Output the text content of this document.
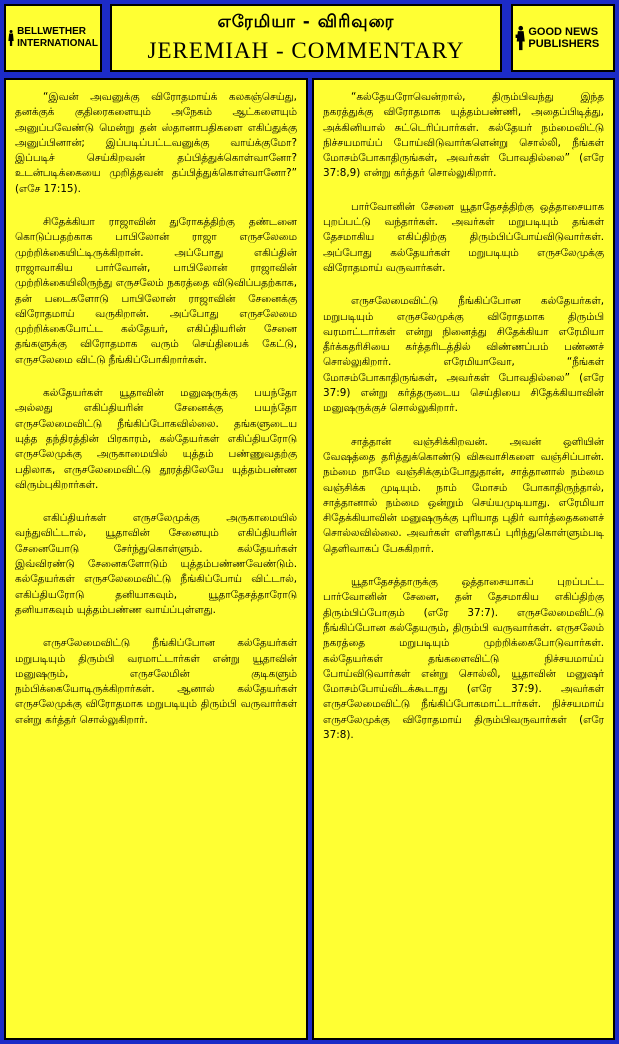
BELLWETHER INTERNATIONAL
எரேமியா - விரிவுரை
JEREMIAH - COMMENTARY
GOOD NEWS PUBLISHERS

“இவன் அவனுக்கு விரோதமாய்க் கலகஞ்செய்து, தனக்குக் குதிரைகளையும் அநேகம் ஆட்களையும் அனுப்பவேண்டு மென்று தன் ஸ்தானாபதிகளை எகிப்துக்கு அனுப்பினான்; இப்படிப்பட்டவனுக்கு வாய்க்குமோ? இப்படிச் செய்கிறவன் தப்பித்துக்கொள்வானோ? உடன்படிக்கையை முறித்தவன் தப்பித்துக்கொள்வானோ?” (எசே 17:15).

சிதேக்கியா ராஜாவின் துரோகத்திற்கு தண்டனை கொடுப்பதற்காக பாபிலோன் ராஜா எருசலேமை முற்றிக்கையிட்டிருக்கிறான். அப்போது எகிப்தின் ராஜாவாகிய பார்வோன், பாபிலோன் ராஜாவின் முற்றிக்கையிலிருந்து எருசலேம் நகரத்தை விடுவிப்பதற்காக, தன் படைகளோடு பாபிலோன் ராஜாவின் சேனைக்கு விரோதமாய் வருகிறான். அப்போது எருசலேமை முற்றிக்கைபோட்ட கல்தேயர், எகிப்தியரின் சேனை தங்களுக்கு விரோதமாக வரும் செய்தியைக் கேட்டு, எருசலேமை விட்டு நீங்கிப்போகிறார்கள்.

கல்தேயர்கள் யூதாவின் மனுஷருக்கு பயந்தோ அல்லது எகிப்தியரின் சேனைக்கு பயந்தோ எருசலேமைவிட்டு நீங்கிப்போகவில்லை. தங்களுடைய யுத்த தந்திரத்தின் பிரகாரம், கல்தேயர்கள் எகிப்தியரோடு எருசலேமுக்கு அருகாமையில் யுத்தம் பண்ணுவதற்கு பதிலாக, எருசலேமைவிட்டு தூரத்திலேயே யுத்தம்பண்ண விரும்புகிறார்கள்.

எகிப்தியர்கள் எருசலேமுக்கு அருகாமையில் வந்துவிட்டால், யூதாவின் சேனையும் எகிப்தியரின் சேனையோடு சேர்ந்துகொள்ளும். கல்தேயர்கள் இவ்விரண்டு சேனைகளோடும் யுத்தம்பண்ணவேண்டும். கல்தேயர்கள் எருசலேமைவிட்டு நீங்கிப்போய் விட்டால், எகிப்தியரோடு தனியாகவும், யூதாதேசத்தாரோடு தனியாகவும் யுத்தம்பண்ண வாய்ப்புள்ளது.

எருசலேமைவிட்டு நீங்கிப்போன கல்தேயர்கள் மறுபடியும் திரும்பி வரமாட்டார்கள் என்று யூதாவின் மனுஷரும், எருசலேமின் குடிகளும் நம்பிக்கையோடிருக்கிறார்கள். ஆனால் கல்தேயர்கள் எருசலேமுக்கு விரோதமாக மறுபடியும் திரும்பி வருவார்கள் என்று கர்த்தர் சொல்லுகிறார்.

“கல்தேயரோவென்றால், திரும்பிவந்து இந்த நகரத்துக்கு விரோதமாக யுத்தம்பண்ணி, அதைப்பிடித்து, அக்கினியால் சுட்டெரிப்பார்கள். கல்தேயர் நம்மைவிட்டு நிச்சயமாய்ப் போய்விடுவார்களென்று சொல்லி, நீங்கள் மோசம்போகாதிருங்கள், அவர்கள் போவதில்லை” (எரே 37:8,9) என்று கர்த்தர் சொல்லுகிறார்.

பார்வோனின் சேனை யூதாதேசத்திற்கு ஒத்தாசையாக புறப்பட்டு வந்தார்கள். அவர்கள் மறுபடியும் தங்கள் தேசமாகிய எகிப்திற்கு திரும்பிப்போய்விடுவார்கள். அப்போது கல்தேயர்கள் மறுபடியும் எருசலேமுக்கு விரோதமாய் வருவார்கள்.

எருசலேமைவிட்டு நீங்கிப்போன கல்தேயர்கள், மறுபடியும் எருசலேமுக்கு விரோதமாக திரும்பி வரமாட்டார்கள் என்று நினைத்து சிதேக்கியா எரேமியா தீர்க்கதரிசியை கர்த்தரிடத்தில் விண்ணப்பம் பண்ணச் சொல்லுகிறார். எரேமியாவோ, “நீங்கள் மோசம்போகாதிருங்கள், அவர்கள் போவதில்லை” (எரே 37:9) என்று கர்த்தருடைய செய்தியை சிதேக்கியாவின் மனுஷருக்குச் சொல்லுகிறார்.

சாத்தான் வஞ்சிக்கிறவன். அவன் ஒளியின் வேஷத்தை தரித்துக்கொண்டு விசுவாசிகளை வஞ்சிப்பான். நம்மை நாமே வஞ்சிக்கும்போதுதான், சாத்தானால் நம்மை வஞ்சிக்க முடியும். நாம் மோசம் போகாதிருந்தால், சாத்தானால் நம்மை ஒன்றும் செய்யமுடியாது. எரேமியா சிதேக்கியாவின் மனுஷருக்கு புரியாத புதிர் வார்த்தைகளைச் சொல்லவில்லை. அவர்கள் எளிதாகப் புரிந்துகொள்ளும்படி தெளிவாகப் பேசுகிறார்.

யூதாதேசத்தாருக்கு ஒத்தாசையாகப் புறப்பட்ட பார்வோனின் சேனை, தன் தேசமாகிய எகிப்திற்கு திரும்பிப்போகும் (எரே 37:7). எருசலேமைவிட்டு நீங்கிப்போன கல்தேயரும், திரும்பி வருவார்கள். எருசலேம் நகரத்தை மறுபடியும் முற்றிக்கைபோடுவார்கள். கல்தேயர்கள் தங்களைவிட்டு நிச்சயமாய்ப் போய்விடுவார்கள் என்று சொல்லி, யூதாவின் மனுஷர் மோசம்போய்விடக்கூடாது (எரே 37:9). அவர்கள் எருசலேமைவிட்டு நீங்கிப்போகமாட்டார்கள். நிச்சயமாய் எருசலேமுக்கு விரோதமாய் திரும்பிவருவார்கள் (எரே 37:8).
